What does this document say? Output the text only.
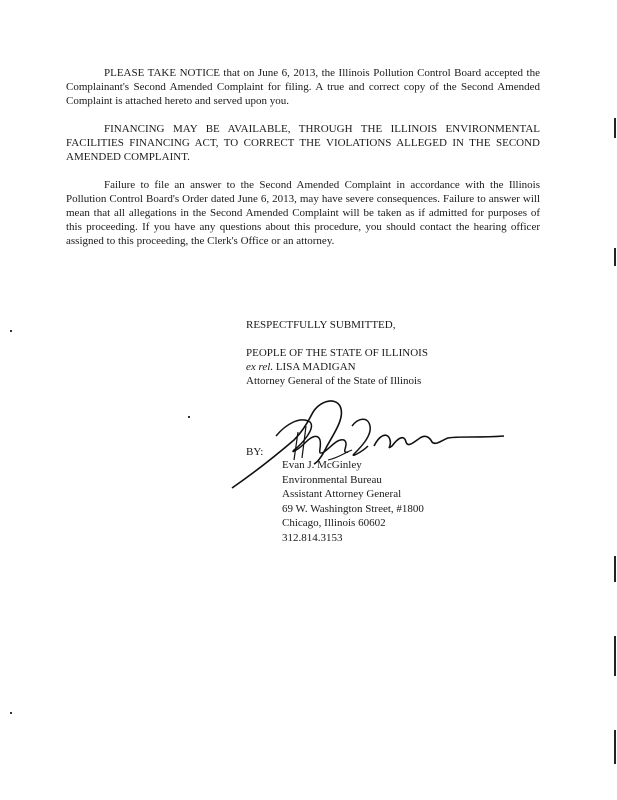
PLEASE TAKE NOTICE that on June 6, 2013, the Illinois Pollution Control Board accepted the Complainant's Second Amended Complaint for filing. A true and correct copy of the Second Amended Complaint is attached hereto and served upon you.
FINANCING MAY BE AVAILABLE, THROUGH THE ILLINOIS ENVIRONMENTAL FACILITIES FINANCING ACT, TO CORRECT THE VIOLATIONS ALLEGED IN THE SECOND AMENDED COMPLAINT.
Failure to file an answer to the Second Amended Complaint in accordance with the Illinois Pollution Control Board's Order dated June 6, 2013, may have severe consequences. Failure to answer will mean that all allegations in the Second Amended Complaint will be taken as if admitted for purposes of this proceeding. If you have any questions about this procedure, you should contact the hearing officer assigned to this proceeding, the Clerk's Office or an attorney.
RESPECTFULLY SUBMITTED,
PEOPLE OF THE STATE OF ILLINOIS
ex rel. LISA MADIGAN
Attorney General of the State of Illinois
BY:
Evan J. McGinley
Environmental Bureau
Assistant Attorney General
69 W. Washington Street, #1800
Chicago, Illinois 60602
312.814.3153
